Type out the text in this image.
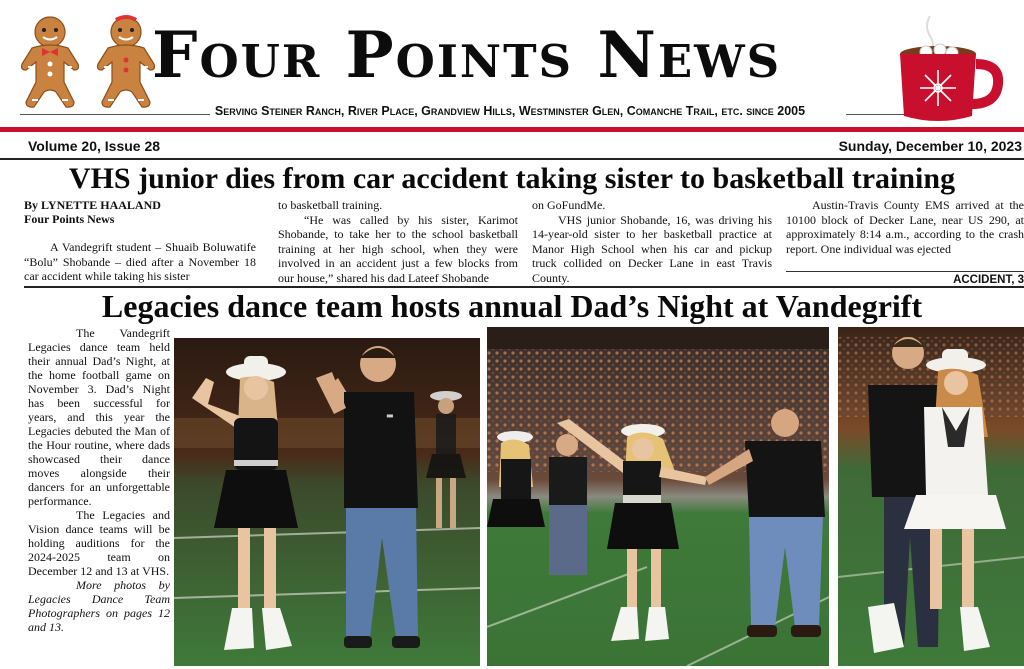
Four Points News
Serving Steiner Ranch, River Place, Grandview Hills, Westminster Glen, Comanche Trail, etc. since 2005
Volume 20, Issue 28	Sunday, December 10, 2023
VHS junior dies from car accident taking sister to basketball training
By LYNETTE HAALAND
Four Points News
A Vandegrift student – Shuaib Boluwatife “Bolu” Shobande – died after a November 18 car accident while taking his sister
to basketball training.
“He was called by his sister, Karimot Shobande, to take her to the school basketball training at her high school, when they were involved in an accident just a few blocks from our house,” shared his dad Lateef Shobande
on GoFundMe.
VHS junior Shobande, 16, was driving his 14-year-old sister to her basketball practice at Manor High School when his car and pickup truck collided on Decker Lane in east Travis County.
Austin-Travis County EMS arrived at the 10100 block of Decker Lane, near US 290, at approximately 8:14 a.m., according to the crash report. One individual was ejected
ACCIDENT, 3
Legacies dance team hosts annual Dad’s Night at Vandegrift
The Vandegrift Legacies dance team held their annual Dad’s Night, at the home football game on November 3. Dad’s Night has been successful for years, and this year the Legacies debuted the Man of the Hour routine, where dads showcased their dance moves alongside their dancers for an unforgettable performance.
The Legacies and Vision dance teams will be holding auditions for the 2024-2025 team on December 12 and 13 at VHS.
More photos by Legacies Dance Team Photographers on pages 12 and 13.
▬
